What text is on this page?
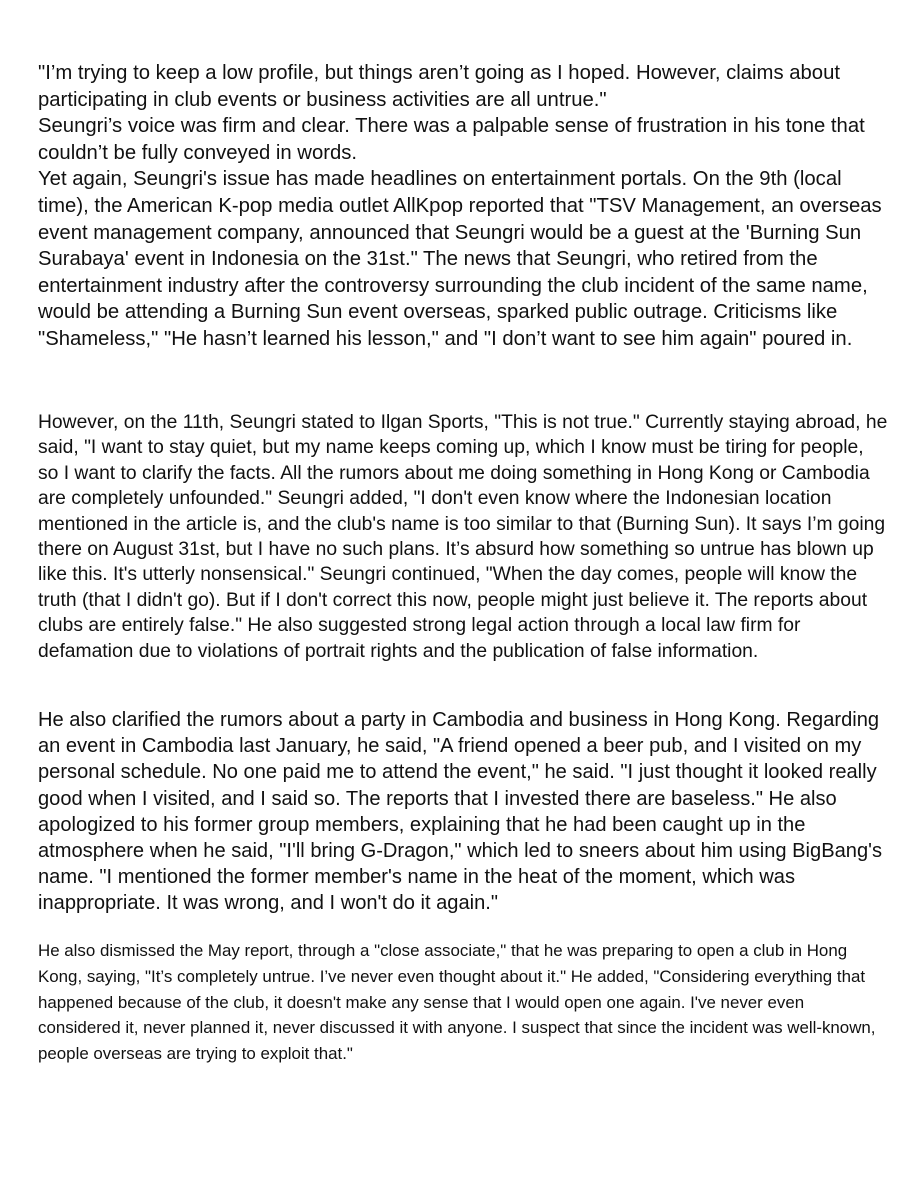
"I’m trying to keep a low profile, but things aren’t going as I hoped. However, claims about participating in club events or business activities are all untrue."

Seungri’s voice was firm and clear. There was a palpable sense of frustration in his tone that couldn’t be fully conveyed in words.

Yet again, Seungri's issue has made headlines on entertainment portals. On the 9th (local time), the American K-pop media outlet AllKpop reported that "TSV Management, an overseas event management company, announced that Seungri would be a guest at the 'Burning Sun Surabaya' event in Indonesia on the 31st." The news that Seungri, who retired from the entertainment industry after the controversy surrounding the club incident of the same name, would be attending a Burning Sun event overseas, sparked public outrage. Criticisms like "Shameless," "He hasn’t learned his lesson," and "I don’t want to see him again" poured in.

However, on the 11th, Seungri stated to Ilgan Sports, "This is not true." Currently staying abroad, he said, "I want to stay quiet, but my name keeps coming up, which I know must be tiring for people, so I want to clarify the facts. All the rumors about me doing something in Hong Kong or Cambodia are completely unfounded." Seungri added, "I don't even know where the Indonesian location mentioned in the article is, and the club's name is too similar to that (Burning Sun). It says I’m going there on August 31st, but I have no such plans. It’s absurd how something so untrue has blown up like this. It's utterly nonsensical." Seungri continued, "When the day comes, people will know the truth (that I didn't go). But if I don't correct this now, people might just believe it. The reports about clubs are entirely false." He also suggested strong legal action through a local law firm for defamation due to violations of portrait rights and the publication of false information.

He also clarified the rumors about a party in Cambodia and business in Hong Kong. Regarding an event in Cambodia last January, he said, "A friend opened a beer pub, and I visited on my personal schedule. No one paid me to attend the event," he said. "I just thought it looked really good when I visited, and I said so. The reports that I invested there are baseless." He also apologized to his former group members, explaining that he had been caught up in the atmosphere when he said, "I'll bring G-Dragon," which led to sneers about him using BigBang's name. "I mentioned the former member's name in the heat of the moment, which was inappropriate. It was wrong, and I won't do it again."

He also dismissed the May report, through a "close associate," that he was preparing to open a club in Hong Kong, saying, "It’s completely untrue. I’ve never even thought about it." He added, "Considering everything that happened because of the club, it doesn't make any sense that I would open one again. I've never even considered it, never planned it, never discussed it with anyone. I suspect that since the incident was well-known, people overseas are trying to exploit that."
